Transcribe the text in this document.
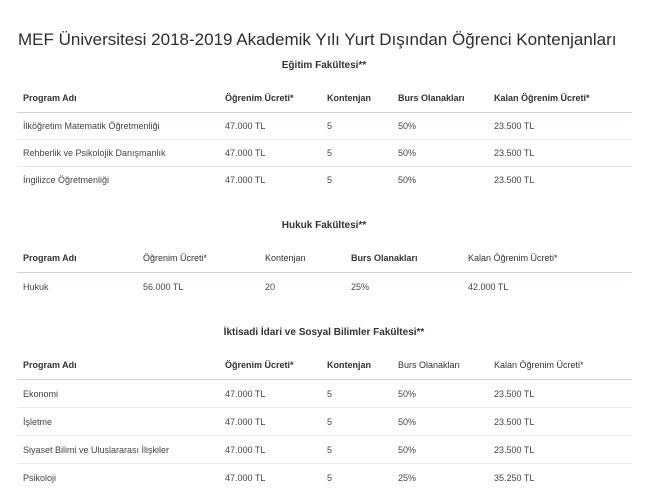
MEF Üniversitesi 2018-2019 Akademik Yılı Yurt Dışından Öğrenci Kontenjanları
Eğitim Fakültesi**
Program Adı	Öğrenim Ücreti*	Kontenjan	Burs Olanakları	Kalan Öğrenim Ücreti*
İlköğretim Matematik Öğretmenliği	47.000 TL	5	50%	23.500 TL
Rehberlik ve Psikolojik Danışmanlık	47.000 TL	5	50%	23.500 TL
İngilizce Öğretmenliği	47.000 TL	5	50%	23.500 TL
Hukuk Fakültesi**
Program Adı	Öğrenim Ücreti*	Kontenjan	Burs Olanakları	Kalan Öğrenim Ücreti*
Hukuk	56.000 TL	20	25%	42.000 TL
İktisadi İdari ve Sosyal Bilimler Fakültesi**
Program Adı	Öğrenim Ücreti*	Kontenjan	Burs Olanakları	Kalan Öğrenim Ücreti*
Ekonomi	47.000 TL	5	50%	23.500 TL
İşletme	47.000 TL	5	50%	23.500 TL
Siyaset Bilimi ve Uluslararası İlişkiler	47.000 TL	5	50%	23.500 TL
Psikoloji	47.000 TL	5	25%	35.250 TL
